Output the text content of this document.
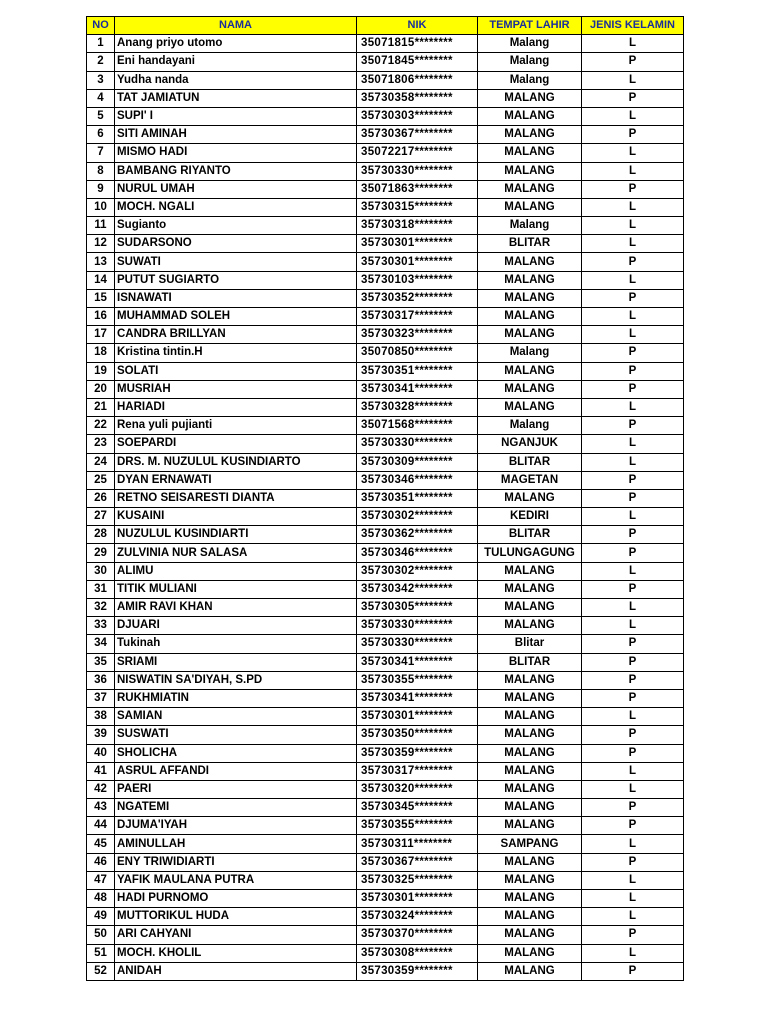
NO	NAMA	NIK	TEMPAT LAHIR	JENIS KELAMIN
1	Anang priyo utomo	35071815********	Malang	L
2	Eni handayani	35071845********	Malang	P
3	Yudha nanda	35071806********	Malang	L
4	TAT JAMIATUN	35730358********	MALANG	P
5	SUPI' I	35730303********	MALANG	L
6	SITI AMINAH	35730367********	MALANG	P
7	MISMO HADI	35072217********	MALANG	L
8	BAMBANG RIYANTO	35730330********	MALANG	L
9	NURUL UMAH	35071863********	MALANG	P
10	MOCH. NGALI	35730315********	MALANG	L
11	Sugianto	35730318********	Malang	L
12	SUDARSONO	35730301********	BLITAR	L
13	SUWATI	35730301********	MALANG	P
14	PUTUT SUGIARTO	35730103********	MALANG	L
15	ISNAWATI	35730352********	MALANG	P
16	MUHAMMAD SOLEH	35730317********	MALANG	L
17	CANDRA BRILLYAN	35730323********	MALANG	L
18	Kristina tintin.H	35070850********	Malang	P
19	SOLATI	35730351********	MALANG	P
20	MUSRIAH	35730341********	MALANG	P
21	HARIADI	35730328********	MALANG	L
22	Rena yuli pujianti	35071568********	Malang	P
23	SOEPARDI	35730330********	NGANJUK	L
24	DRS. M. NUZULUL KUSINDIARTO	35730309********	BLITAR	L
25	DYAN ERNAWATI	35730346********	MAGETAN	P
26	RETNO SEISARESTI DIANTA	35730351********	MALANG	P
27	KUSAINI	35730302********	KEDIRI	L
28	NUZULUL KUSINDIARTI	35730362********	BLITAR	P
29	ZULVINIA NUR SALASA	35730346********	TULUNGAGUNG	P
30	ALIMU	35730302********	MALANG	L
31	TITIK MULIANI	35730342********	MALANG	P
32	AMIR RAVI KHAN	35730305********	MALANG	L
33	DJUARI	35730330********	MALANG	L
34	Tukinah	35730330********	Blitar	P
35	SRIAMI	35730341********	BLITAR	P
36	NISWATIN SA'DIYAH, S.PD	35730355********	MALANG	P
37	RUKHMIATIN	35730341********	MALANG	P
38	SAMIAN	35730301********	MALANG	L
39	SUSWATI	35730350********	MALANG	P
40	SHOLICHA	35730359********	MALANG	P
41	ASRUL AFFANDI	35730317********	MALANG	L
42	PAERI	35730320********	MALANG	L
43	NGATEMI	35730345********	MALANG	P
44	DJUMA'IYAH	35730355********	MALANG	P
45	AMINULLAH	35730311********	SAMPANG	L
46	ENY TRIWIDIARTI	35730367********	MALANG	P
47	YAFIK MAULANA PUTRA	35730325********	MALANG	L
48	HADI PURNOMO	35730301********	MALANG	L
49	MUTTORIKUL HUDA	35730324********	MALANG	L
50	ARI CAHYANI	35730370********	MALANG	P
51	MOCH. KHOLIL	35730308********	MALANG	L
52	ANIDAH	35730359********	MALANG	P
